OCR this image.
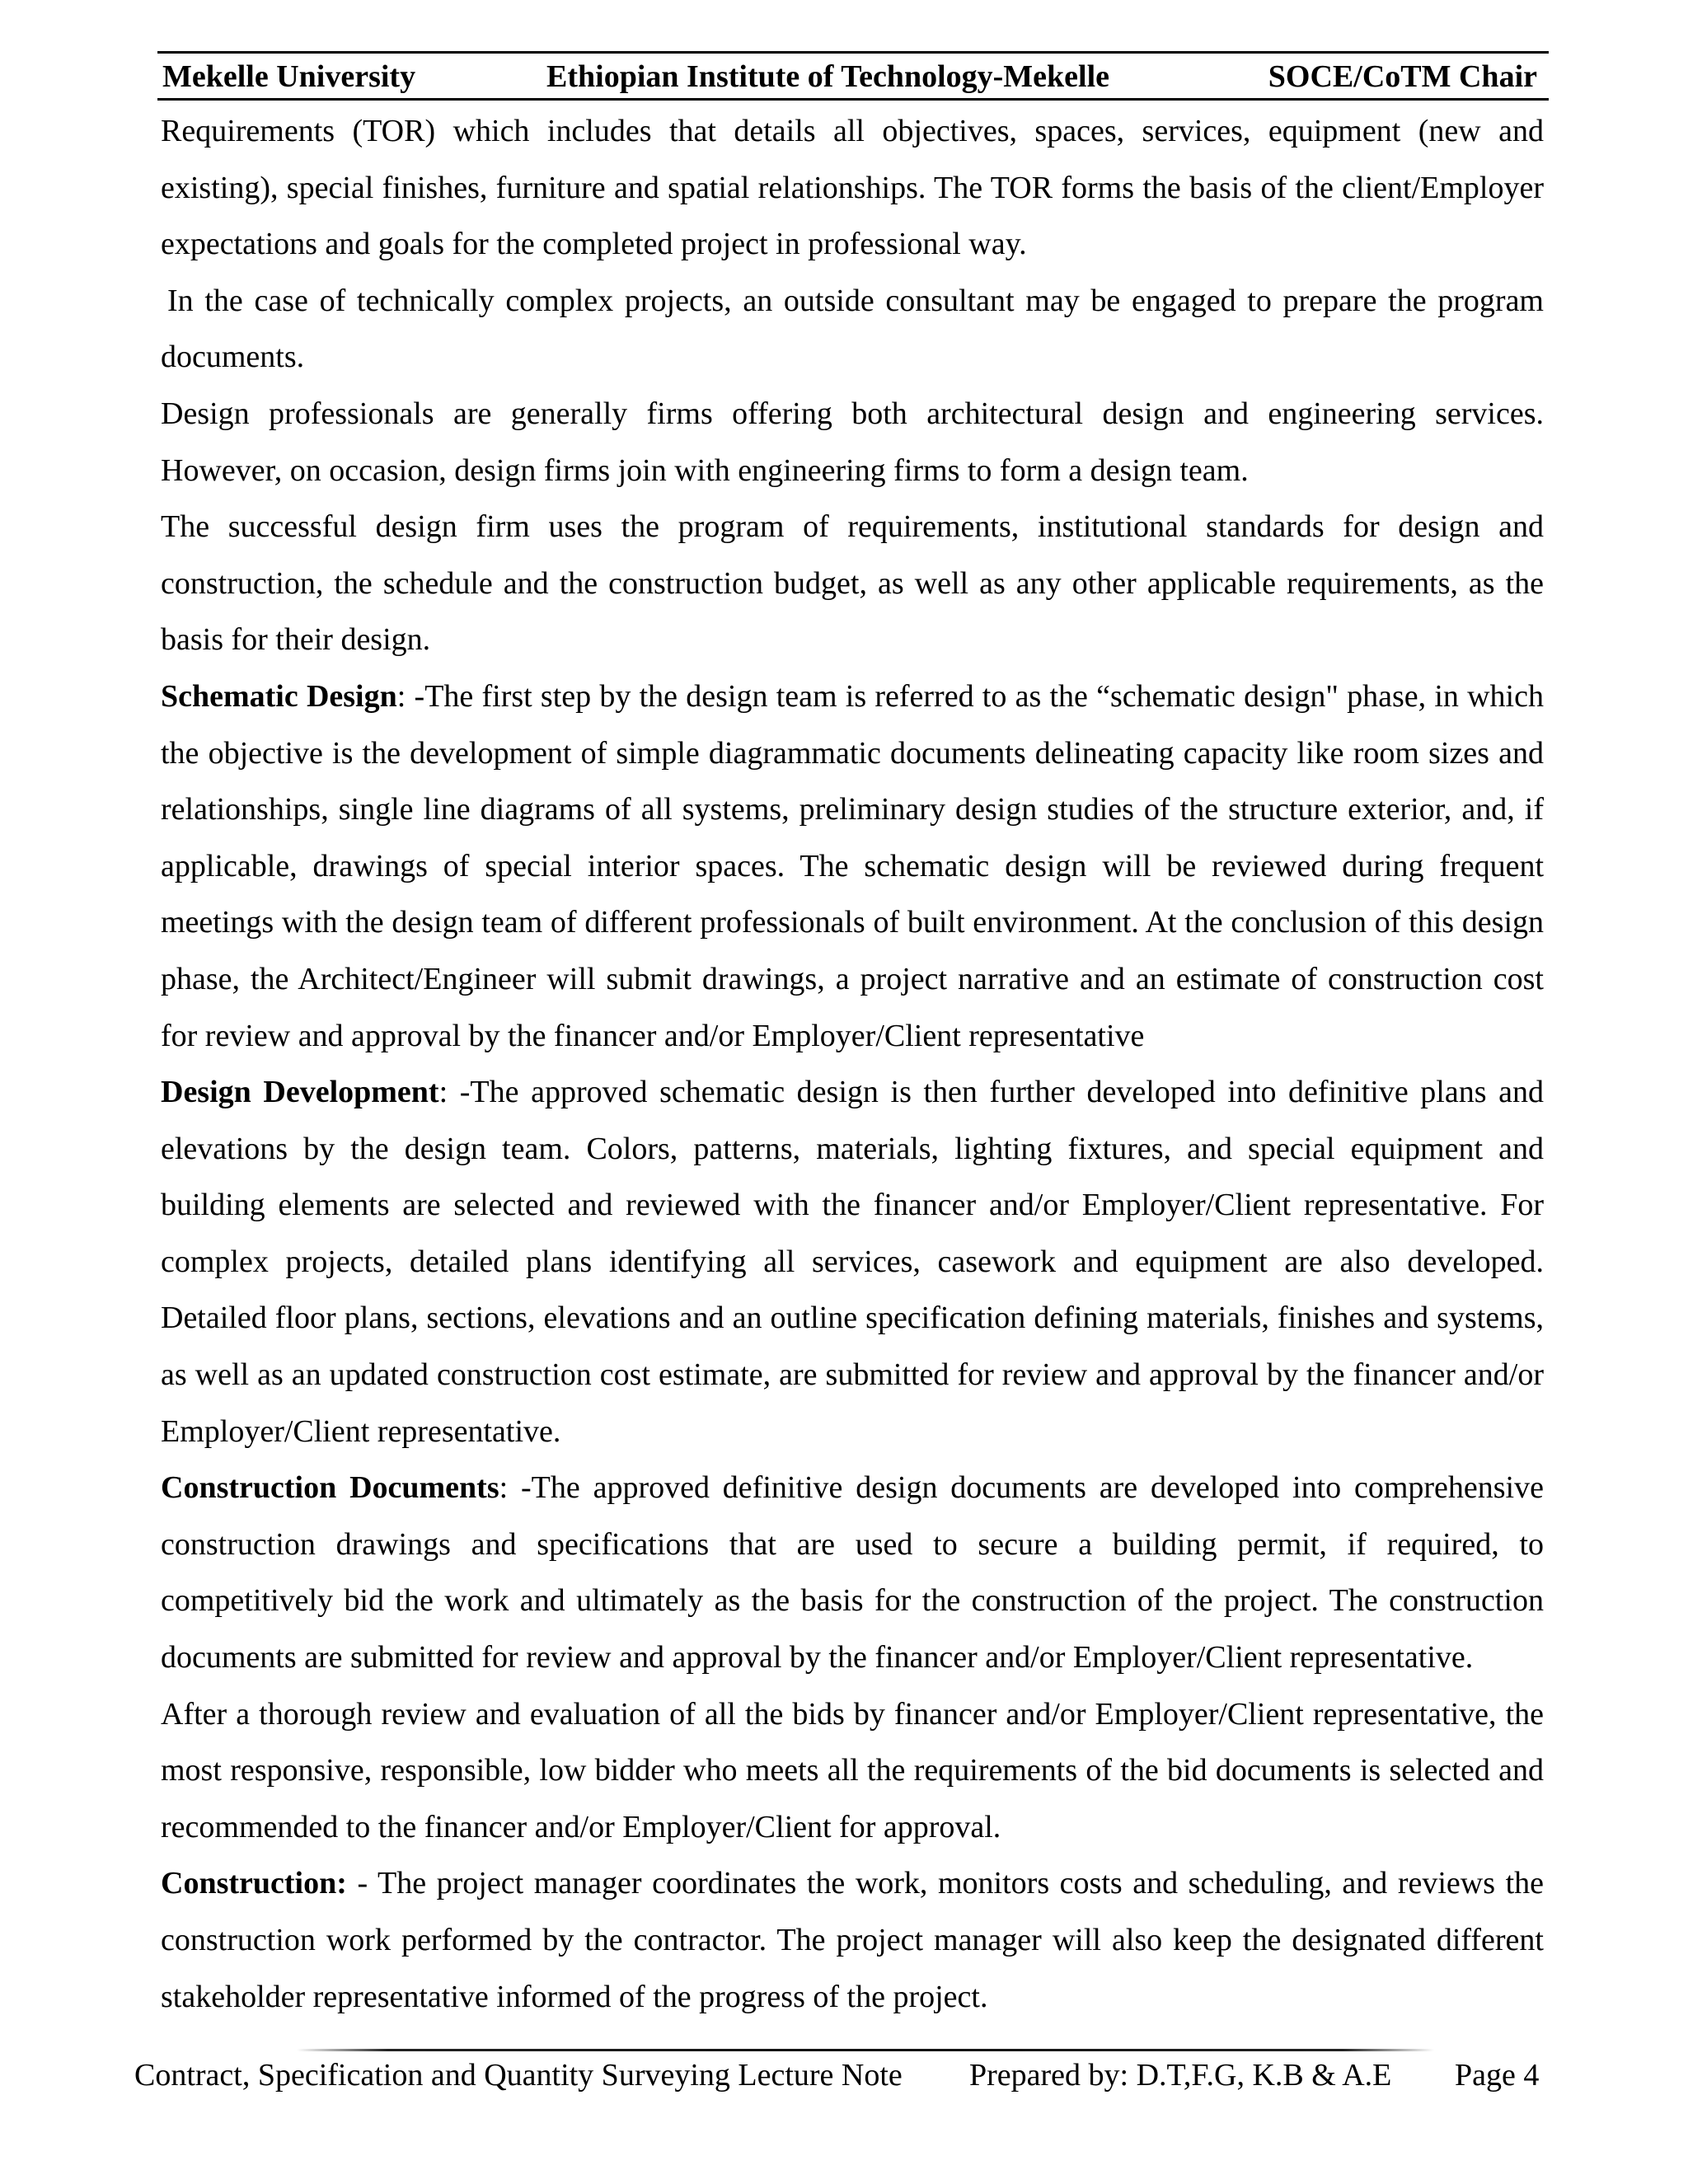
Mekelle University	Ethiopian Institute of Technology-Mekelle	SOCE/CoTM Chair

Requirements (TOR) which includes that details all objectives, spaces, services, equipment (new and existing), special finishes, furniture and spatial relationships. The TOR forms the basis of the client/Employer expectations and goals for the completed project in professional way.

In the case of technically complex projects, an outside consultant may be engaged to prepare the program documents.

Design professionals are generally firms offering both architectural design and engineering services. However, on occasion, design firms join with engineering firms to form a design team.

The successful design firm uses the program of requirements, institutional standards for design and construction, the schedule and the construction budget, as well as any other applicable requirements, as the basis for their design.

Schematic Design: -The first step by the design team is referred to as the “schematic design" phase, in which the objective is the development of simple diagrammatic documents delineating capacity like room sizes and relationships, single line diagrams of all systems, preliminary design studies of the structure exterior, and, if applicable, drawings of special interior spaces. The schematic design will be reviewed during frequent meetings with the design team of different professionals of built environment. At the conclusion of this design phase, the Architect/Engineer will submit drawings, a project narrative and an estimate of construction cost for review and approval by the financer and/or Employer/Client representative

Design Development: -The approved schematic design is then further developed into definitive plans and elevations by the design team. Colors, patterns, materials, lighting fixtures, and special equipment and building elements are selected and reviewed with the financer and/or Employer/Client representative. For complex projects, detailed plans identifying all services, casework and equipment are also developed. Detailed floor plans, sections, elevations and an outline specification defining materials, finishes and systems, as well as an updated construction cost estimate, are submitted for review and approval by the financer and/or Employer/Client representative.

Construction Documents: -The approved definitive design documents are developed into comprehensive construction drawings and specifications that are used to secure a building permit, if required, to competitively bid the work and ultimately as the basis for the construction of the project. The construction documents are submitted for review and approval by the financer and/or Employer/Client representative.

After a thorough review and evaluation of all the bids by financer and/or Employer/Client representative, the most responsive, responsible, low bidder who meets all the requirements of the bid documents is selected and recommended to the financer and/or Employer/Client for approval.

Construction: - The project manager coordinates the work, monitors costs and scheduling, and reviews the construction work performed by the contractor. The project manager will also keep the designated different stakeholder representative informed of the progress of the project.

Contract, Specification and Quantity Surveying Lecture Note Prepared by: D.T,F.G, K.B & A.E Page 4
